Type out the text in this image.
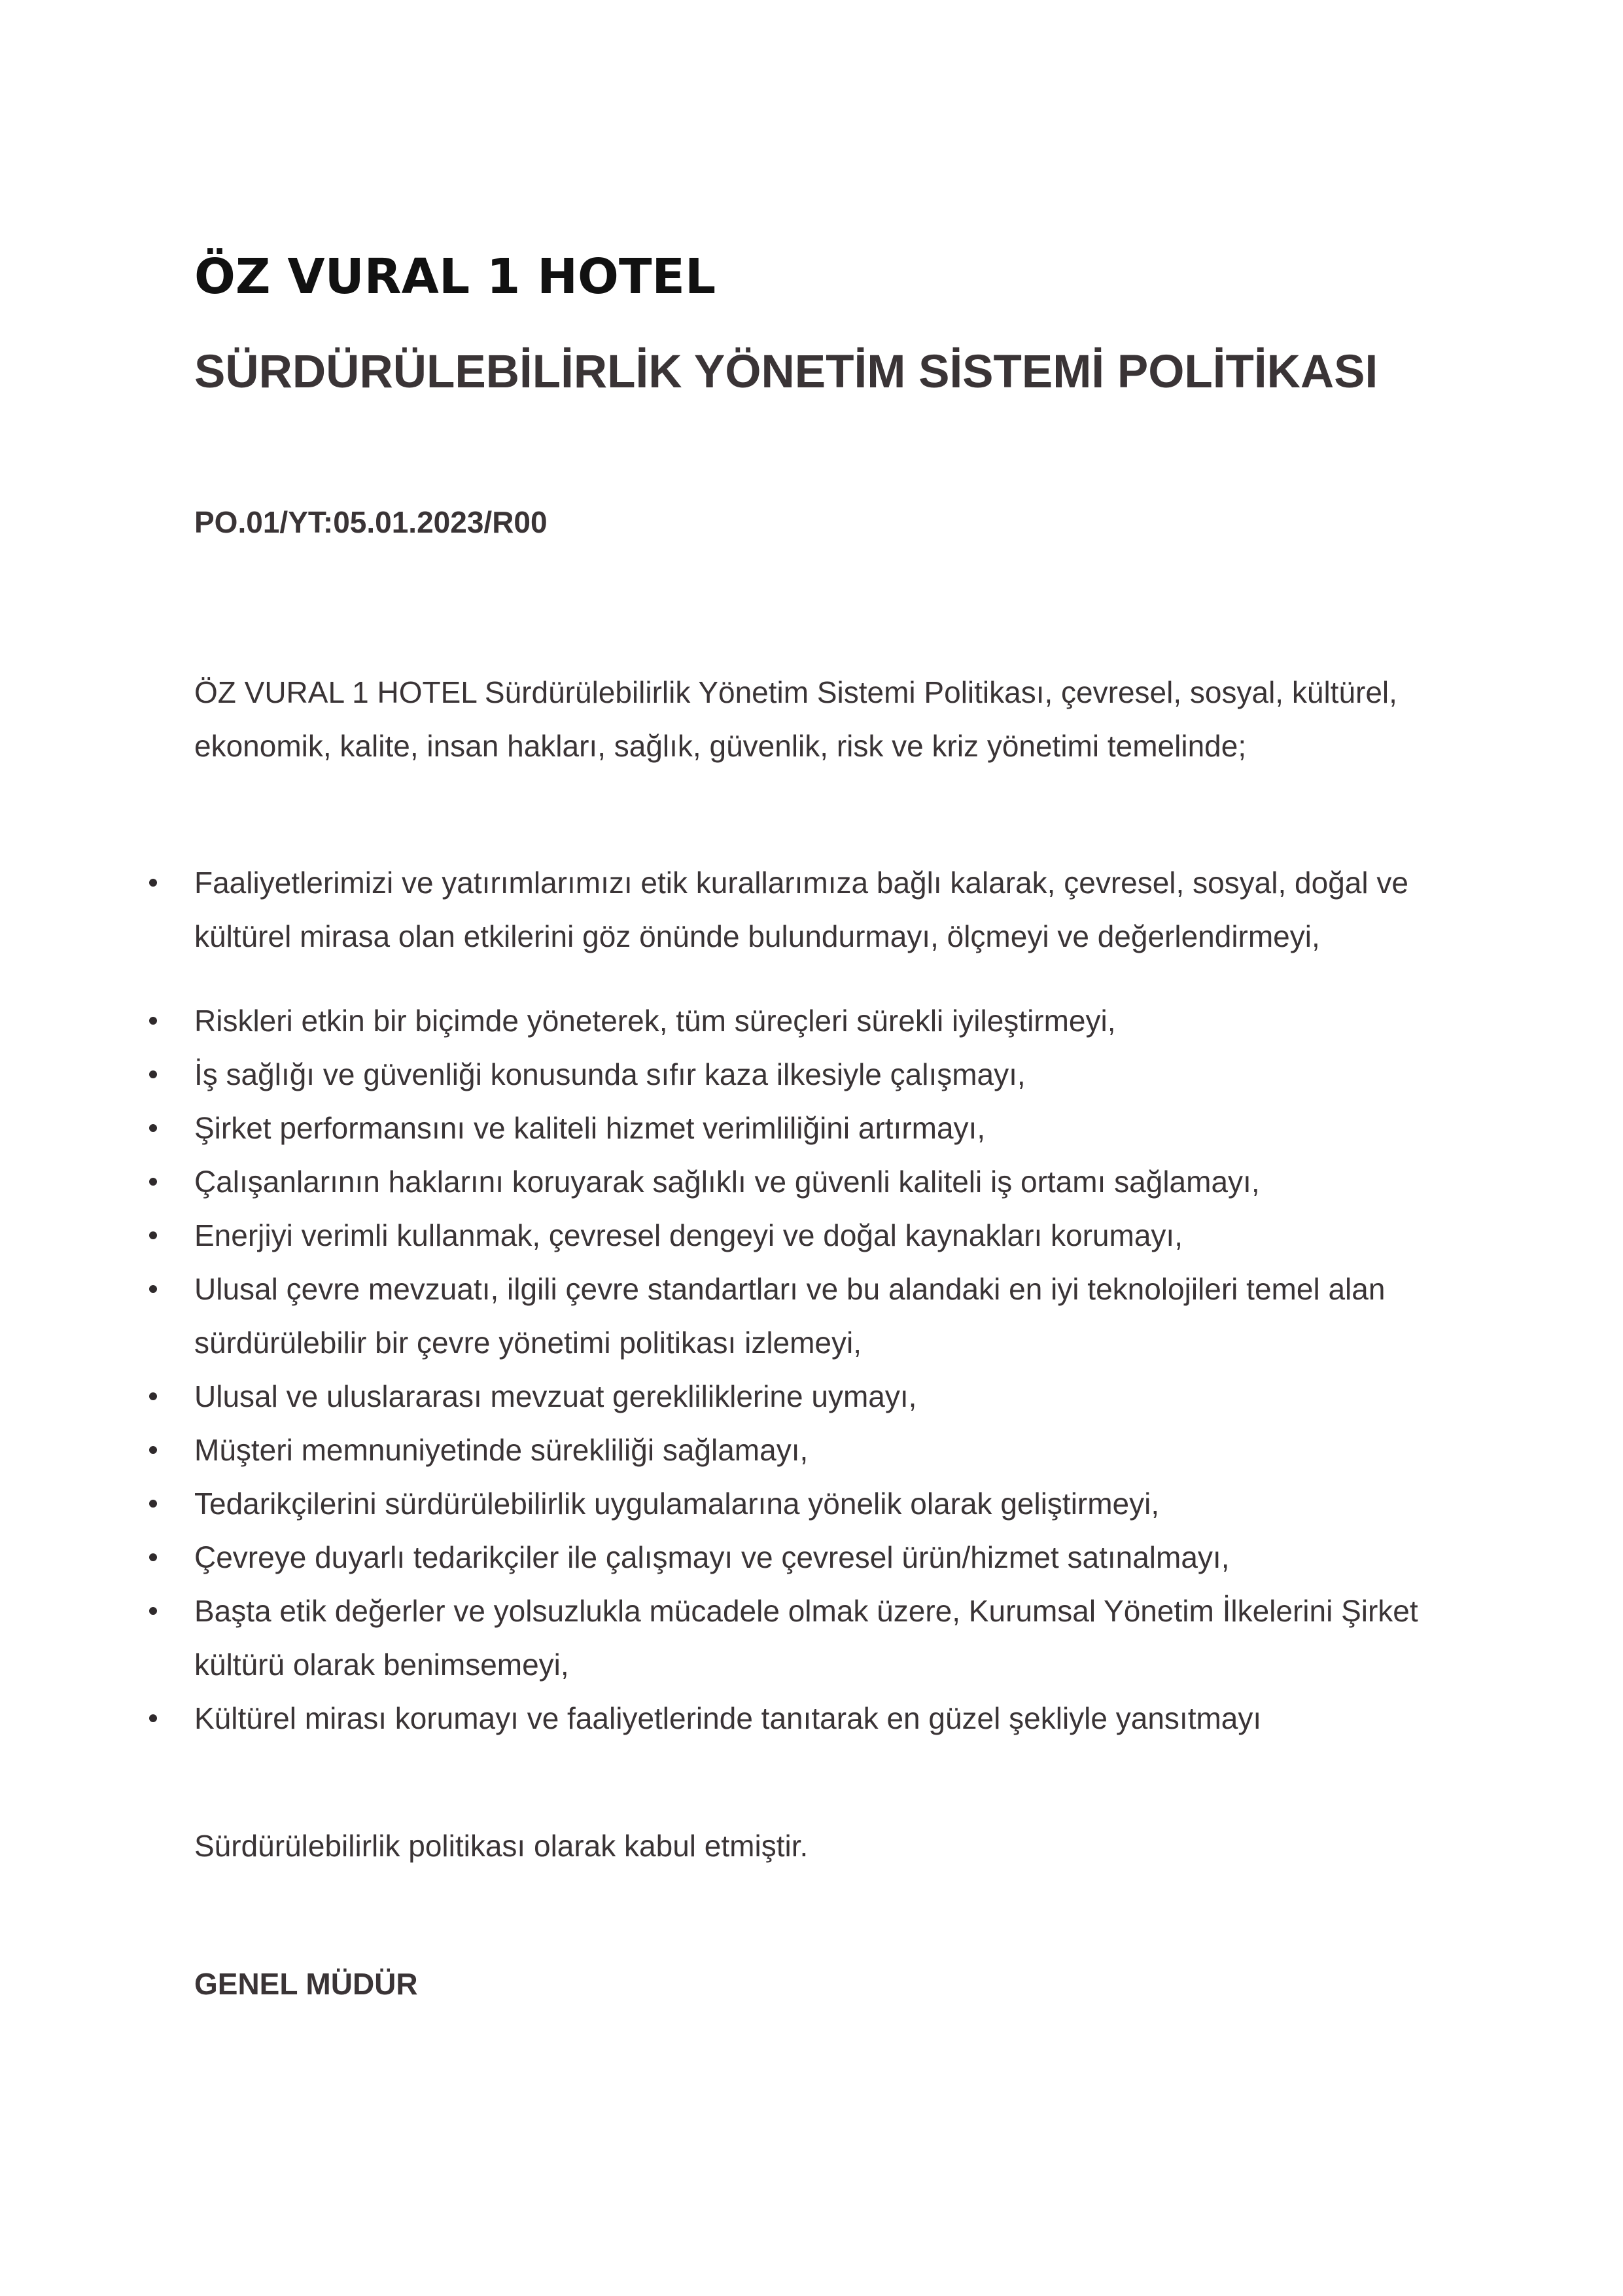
ÖZ VURAL 1 HOTEL
SÜRDÜRÜLEBİLİRLİK YÖNETİM SİSTEMİ POLİTİKASI

PO.01/YT:05.01.2023/R00

ÖZ VURAL 1 HOTEL Sürdürülebilirlik Yönetim Sistemi Politikası, çevresel, sosyal, kültürel, ekonomik, kalite, insan hakları, sağlık, güvenlik, risk ve kriz yönetimi temelinde;

Faaliyetlerimizi ve yatırımlarımızı etik kurallarımıza bağlı kalarak, çevresel, sosyal, doğal ve kültürel mirasa olan etkilerini göz önünde bulundurmayı, ölçmeyi ve değerlendirmeyi,
Riskleri etkin bir biçimde yöneterek, tüm süreçleri sürekli iyileştirmeyi,
İş sağlığı ve güvenliği konusunda sıfır kaza ilkesiyle çalışmayı,
Şirket performansını ve kaliteli hizmet verimliliğini artırmayı,
Çalışanlarının haklarını koruyarak sağlıklı ve güvenli kaliteli iş ortamı sağlamayı,
Enerjiyi verimli kullanmak, çevresel dengeyi ve doğal kaynakları korumayı,
Ulusal çevre mevzuatı, ilgili çevre standartları ve bu alandaki en iyi teknolojileri temel alan sürdürülebilir bir çevre yönetimi politikası izlemeyi,
Ulusal ve uluslararası mevzuat gerekliliklerine uymayı,
Müşteri memnuniyetinde sürekliliği sağlamayı,
Tedarikçilerini sürdürülebilirlik uygulamalarına yönelik olarak geliştirmeyi,
Çevreye duyarlı tedarikçiler ile çalışmayı ve çevresel ürün/hizmet satınalmayı,
Başta etik değerler ve yolsuzlukla mücadele olmak üzere, Kurumsal Yönetim İlkelerini Şirket kültürü olarak benimsemeyi,
Kültürel mirası korumayı ve faaliyetlerinde tanıtarak en güzel şekliyle yansıtmayı

Sürdürülebilirlik politikası olarak kabul etmiştir.

GENEL MÜDÜR
